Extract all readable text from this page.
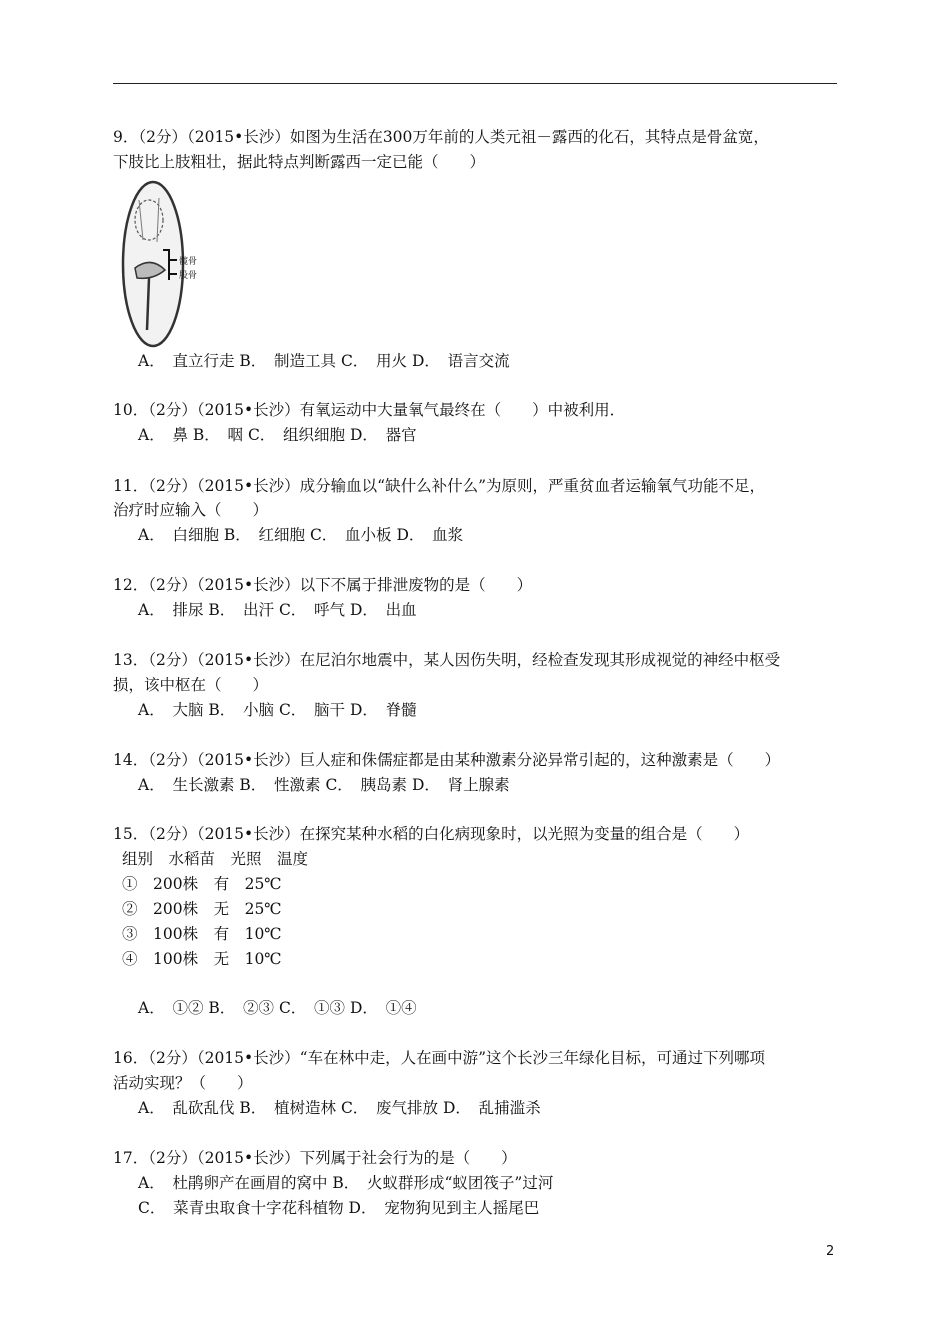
9．（2分）（2015•长沙）如图为生活在300万年前的人类元祖－露西的化石，其特点是骨盆宽，
下肢比上肢粗壮，据此特点判断露西一定已能（　　）
髋骨
股骨
A．　直立行走 B．　制造工具 C．　用火 D．　语言交流
10．（2分）（2015•长沙）有氧运动中大量氧气最终在（　　）中被利用．
A．　鼻 B．　咽 C．　组织细胞 D．　器官
11．（2分）（2015•长沙）成分输血以“缺什么补什么”为原则，严重贫血者运输氧气功能不足，
治疗时应输入（　　）
A．　白细胞 B．　红细胞 C．　血小板 D．　血浆
12．（2分）（2015•长沙）以下不属于排泄废物的是（　　）
A．　排尿 B．　出汗 C．　呼气 D．　出血
13．（2分）（2015•长沙）在尼泊尔地震中，某人因伤失明，经检查发现其形成视觉的神经中枢受
损，该中枢在（　　）
A．　大脑 B．　小脑 C．　脑干 D．　脊髓
14．（2分）（2015•长沙）巨人症和侏儒症都是由某种激素分泌异常引起的，这种激素是（　　）
A．　生长激素 B．　性激素 C．　胰岛素 D．　肾上腺素
15．（2分）（2015•长沙）在探究某种水稻的白化病现象时，以光照为变量的组合是（　　）
组别　水稻苗　光照　温度
①　200株　有　25℃
②　200株　无　25℃
③　100株　有　10℃
④　100株　无　10℃
A．　①② B．　②③ C．　①③ D．　①④
16．（2分）（2015•长沙）“车在林中走，人在画中游”这个长沙三年绿化目标，可通过下列哪项
活动实现？（　　）
A．　乱砍乱伐 B．　植树造林 C．　废气排放 D．　乱捕滥杀
17．（2分）（2015•长沙）下列属于社会行为的是（　　）
A．　杜鹃卵产在画眉的窝中 B．　火蚁群形成“蚁团筏子”过河
C．　菜青虫取食十字花科植物 D．　宠物狗见到主人摇尾巴
2
